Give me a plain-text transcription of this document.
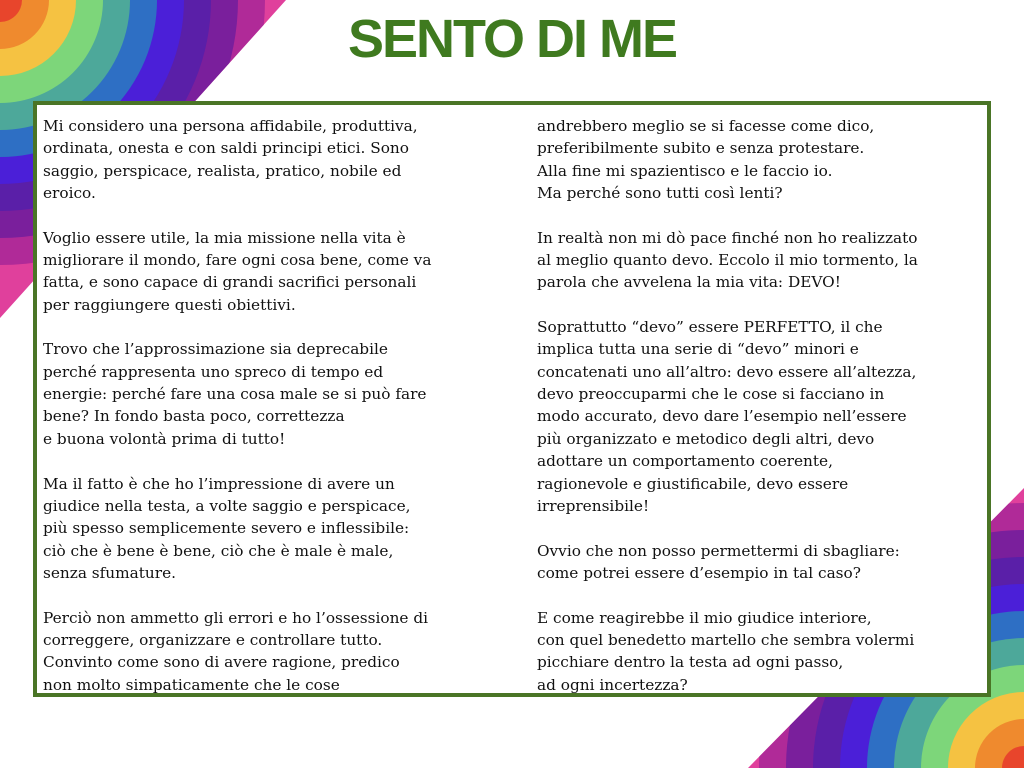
SENTO DI ME
Mi considero una persona affidabile, produttiva,
ordinata, onesta e con saldi principi etici. Sono
saggio, perspicace, realista, pratico, nobile ed
eroico.
Voglio essere utile, la mia missione nella vita è
migliorare il mondo, fare ogni cosa bene, come va
fatta, e sono capace di grandi sacrifici personali
per raggiungere questi obiettivi.
Trovo che l’approssimazione sia deprecabile
perché rappresenta uno spreco di tempo ed
energie: perché fare una cosa male se si può fare
bene? In fondo basta poco, correttezza
e buona volontà prima di tutto!
Ma il fatto è che ho l’impressione di avere un
giudice nella testa, a volte saggio e perspicace,
più spesso semplicemente severo e inflessibile:
ciò che è bene è bene, ciò che è male è male,
senza sfumature.
Perciò non ammetto gli errori e ho l’ossessione di
correggere, organizzare e controllare tutto.
Convinto come sono di avere ragione, predico
non molto simpaticamente che le cose
andrebbero meglio se si facesse come dico,
preferibilmente subito e senza protestare.
Alla fine mi spazientisco e le faccio io.
Ma perché sono tutti così lenti?
In realtà non mi dò pace finché non ho realizzato
al meglio quanto devo. Eccolo il mio tormento, la
parola che avvelena la mia vita: DEVO!
Soprattutto “devo” essere PERFETTO, il che
implica tutta una serie di “devo” minori e
concatenati uno all’altro: devo essere all’altezza,
devo preoccuparmi che le cose si facciano in
modo accurato, devo dare l’esempio nell’essere
più organizzato e metodico degli altri, devo
adottare un comportamento coerente,
ragionevole e giustificabile, devo essere
irreprensibile!
Ovvio che non posso permettermi di sbagliare:
come potrei essere d’esempio in tal caso?
E come reagirebbe il mio giudice interiore,
con quel benedetto martello che sembra volermi
picchiare dentro la testa ad ogni passo,
ad ogni incertezza?
